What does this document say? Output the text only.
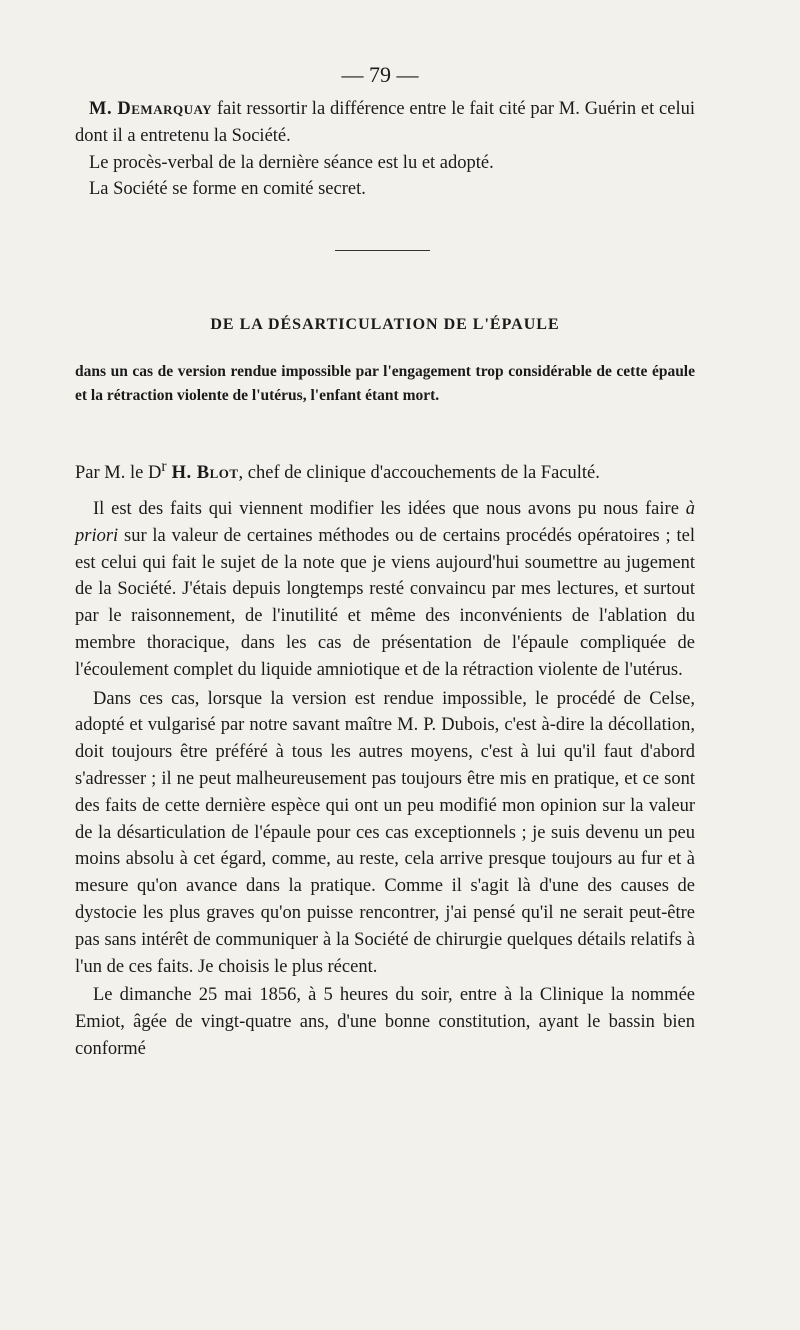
— 79 —

M. Demarquay fait ressortir la différence entre le fait cité par M. Guérin et celui dont il a entretenu la Société.

Le procès-verbal de la dernière séance est lu et adopté.

La Société se forme en comité secret.

DE LA DÉSARTICULATION DE L'ÉPAULE
dans un cas de version rendue impossible par l'engagement trop considérable de cette épaule et la rétraction violente de l'utérus, l'enfant étant mort.
Par M. le $D^r$ H. Blot, chef de clinique d'accouchements de la Faculté.

Il est des faits qui viennent modifier les idées que nous avons pu nous faire à priori sur la valeur de certaines méthodes ou de certains procédés opératoires ; tel est celui qui fait le sujet de la note que je viens aujourd'hui soumettre au jugement de la Société. J'étais depuis longtemps resté convaincu par mes lectures, et surtout par le raisonnement, de l'inutilité et même des inconvénients de l'ablation du membre thoracique, dans les cas de présentation de l'épaule compliquée de l'écoulement complet du liquide amniotique et de la rétraction violente de l'utérus.

Dans ces cas, lorsque la version est rendue impossible, le procédé de Celse, adopté et vulgarisé par notre savant maître M. P. Dubois, c'est à-dire la décollation, doit toujours être préféré à tous les autres moyens, c'est à lui qu'il faut d'abord s'adresser ; il ne peut malheureusement pas toujours être mis en pratique, et ce sont des faits de cette dernière espèce qui ont un peu modifié mon opinion sur la valeur de la désarticulation de l'épaule pour ces cas exceptionnels ; je suis devenu un peu moins absolu à cet égard, comme, au reste, cela arrive presque toujours au fur et à mesure qu'on avance dans la pratique. Comme il s'agit là d'une des causes de dystocie les plus graves qu'on puisse rencontrer, j'ai pensé qu'il ne serait peut-être pas sans intérêt de communiquer à la Société de chirurgie quelques détails relatifs à l'un de ces faits. Je choisis le plus récent.

Le dimanche 25 mai 1856, à 5 heures du soir, entre à la Clinique la nommée Emiot, âgée de vingt-quatre ans, d'une bonne constitution, ayant le bassin bien conformé
